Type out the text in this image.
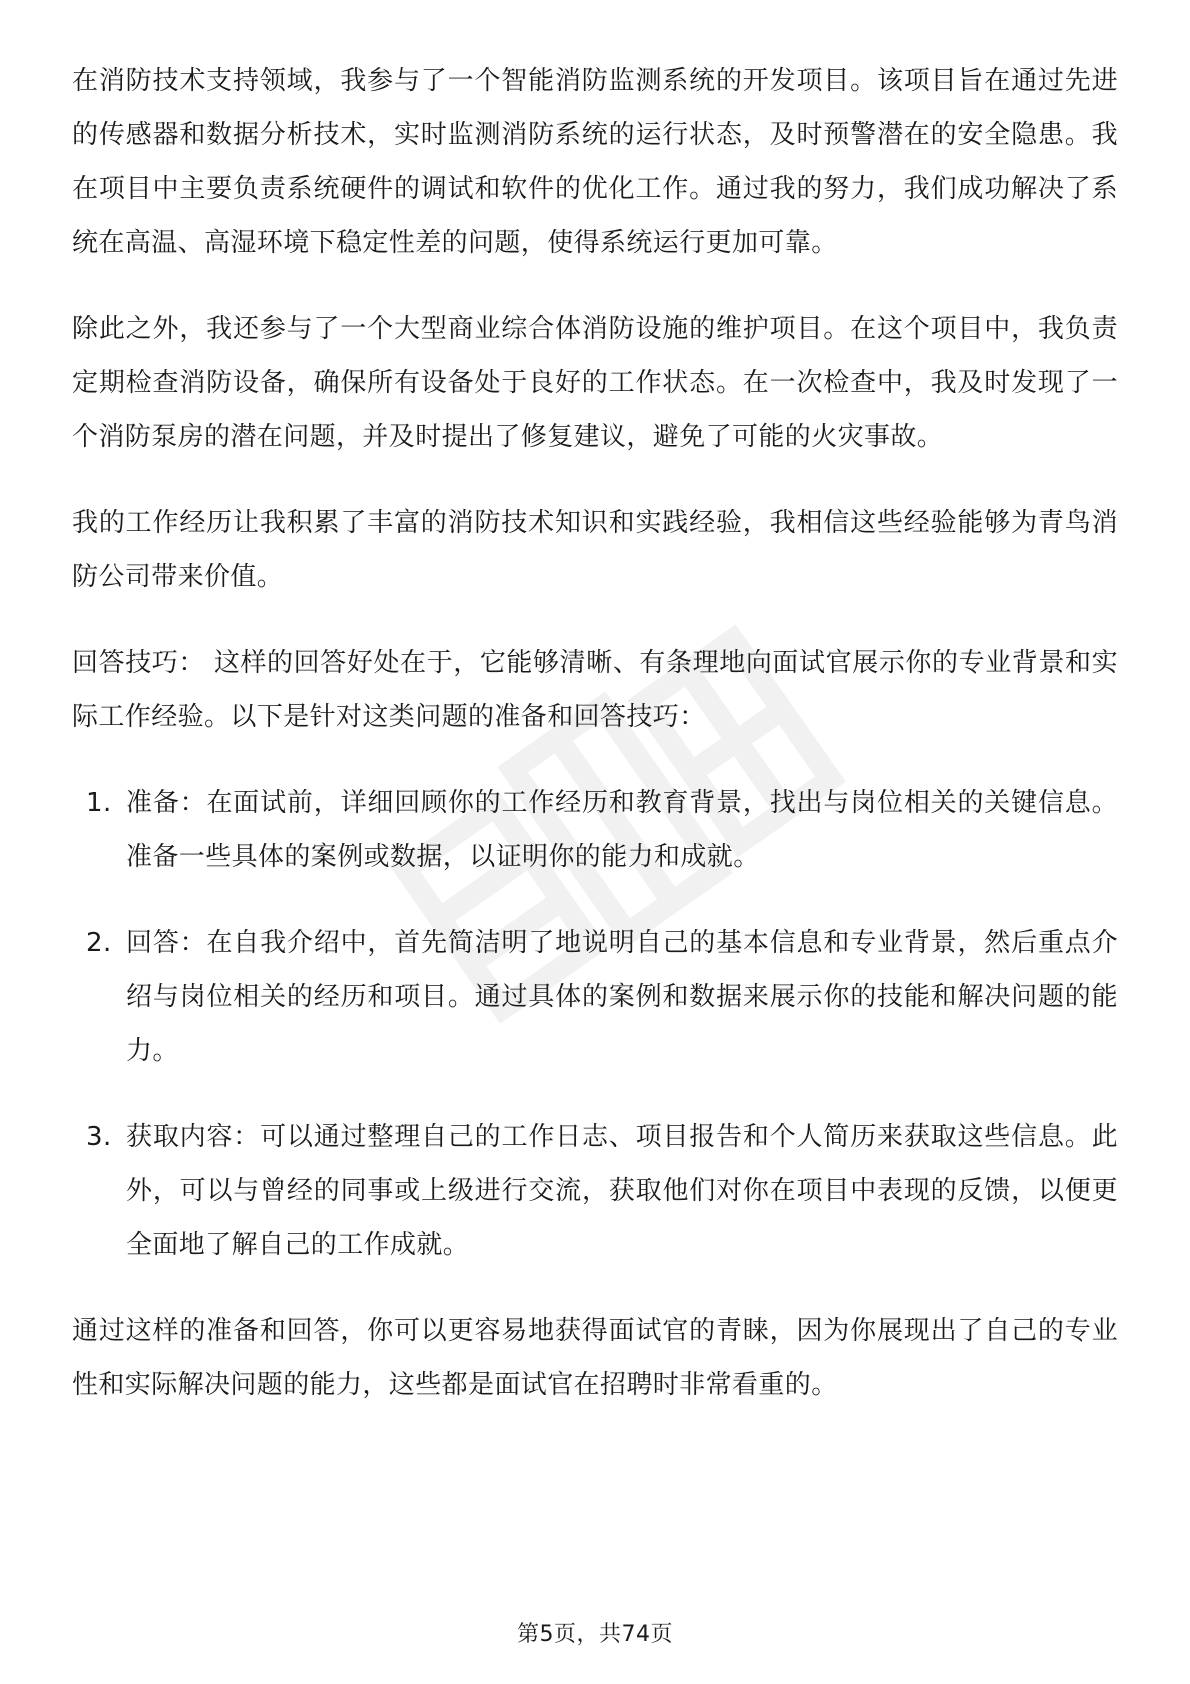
在消防技术支持领域，我参与了一个智能消防监测系统的开发项目。该项目旨在通过先进的传感器和数据分析技术，实时监测消防系统的运行状态，及时预警潜在的安全隐患。我在项目中主要负责系统硬件的调试和软件的优化工作。通过我的努力，我们成功解决了系统在高温、高湿环境下稳定性差的问题，使得系统运行更加可靠。

除此之外，我还参与了一个大型商业综合体消防设施的维护项目。在这个项目中，我负责定期检查消防设备，确保所有设备处于良好的工作状态。在一次检查中，我及时发现了一个消防泵房的潜在问题，并及时提出了修复建议，避免了可能的火灾事故。

我的工作经历让我积累了丰富的消防技术知识和实践经验，我相信这些经验能够为青鸟消防公司带来价值。

回答技巧： 这样的回答好处在于，它能够清晰、有条理地向面试官展示你的专业背景和实际工作经验。以下是针对这类问题的准备和回答技巧：

1. 准备：在面试前，详细回顾你的工作经历和教育背景，找出与岗位相关的关键信息。准备一些具体的案例或数据，以证明你的能力和成就。
2. 回答：在自我介绍中，首先简洁明了地说明自己的基本信息和专业背景，然后重点介绍与岗位相关的经历和项目。通过具体的案例和数据来展示你的技能和解决问题的能力。
3. 获取内容：可以通过整理自己的工作日志、项目报告和个人简历来获取这些信息。此外，可以与曾经的同事或上级进行交流，获取他们对你在项目中表现的反馈，以便更全面地了解自己的工作成就。

通过这样的准备和回答，你可以更容易地获得面试官的青睐，因为你展现出了自己的专业性和实际解决问题的能力，这些都是面试官在招聘时非常看重的。

第5页，共74页
